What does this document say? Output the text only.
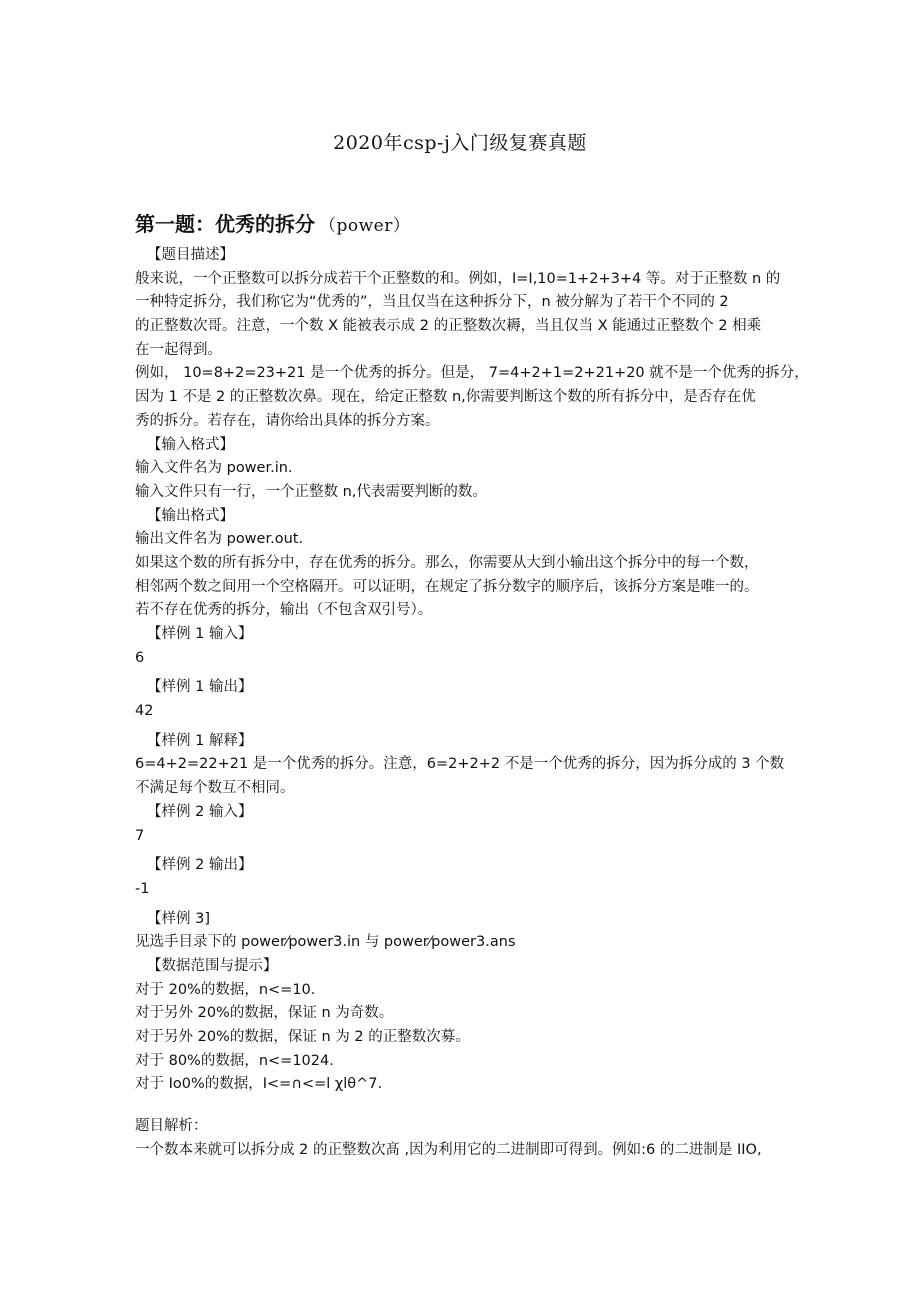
2020年csp-j入门级复赛真题
第一题：优秀的拆分 （power）
【题目描述】
般来说，一个正整数可以拆分成若干个正整数的和。例如，I=I,10=1+2+3+4 等。对于正整数 n 的
一种特定拆分，我们称它为“优秀的”，当且仅当在这种拆分下，n 被分解为了若干个不同的 2
的正整数次哥。注意，一个数 X 能被表示成 2 的正整数次耨，当且仅当 X 能通过正整数个 2 相乘
在一起得到。
例如， 10=8+2=23+21 是一个优秀的拆分。但是， 7=4+2+1=2+21+20 就不是一个优秀的拆分，
因为 1 不是 2 的正整数次鼻。现在，给定正整数 n,你需要判断这个数的所有拆分中，是否存在优
秀的拆分。若存在，请你给出具体的拆分方案。
【输入格式】
输入文件名为 power.in.
输入文件只有一行，一个正整数 n,代表需要判断的数。
【输出格式】
输出文件名为 power.out.
如果这个数的所有拆分中，存在优秀的拆分。那么，你需要从大到小输出这个拆分中的每一个数，
相邻两个数之间用一个空格隔开。可以证明，在规定了拆分数字的顺序后，该拆分方案是唯一的。
若不存在优秀的拆分，输出（不包含双引号）。
【样例 1 输入】
6
【样例 1 输出】
42
【样例 1 解释】
6=4+2=22+21 是一个优秀的拆分。注意，6=2+2+2 不是一个优秀的拆分，因为拆分成的 3 个数
不满足每个数互不相同。
【样例 2 输入】
7
【样例 2 输出】
-1
【样例 3]
见选手目录下的 power⁄power3.in 与 power⁄power3.ans
【数据范围与提示】
对于 20%的数据，n<=10.
对于另外 20%的数据，保证 n 为奇数。
对于另外 20%的数据，保证 n 为 2 的正整数次募。
对于 80%的数据，n<=1024.
对于 Io0%的数据，I<=∩<=l χlθ^7.
题目解析：
一个数本来就可以拆分成 2 的正整数次髙 ,因为利用它的二进制即可得到。例如:6 的二进制是 IIO,
